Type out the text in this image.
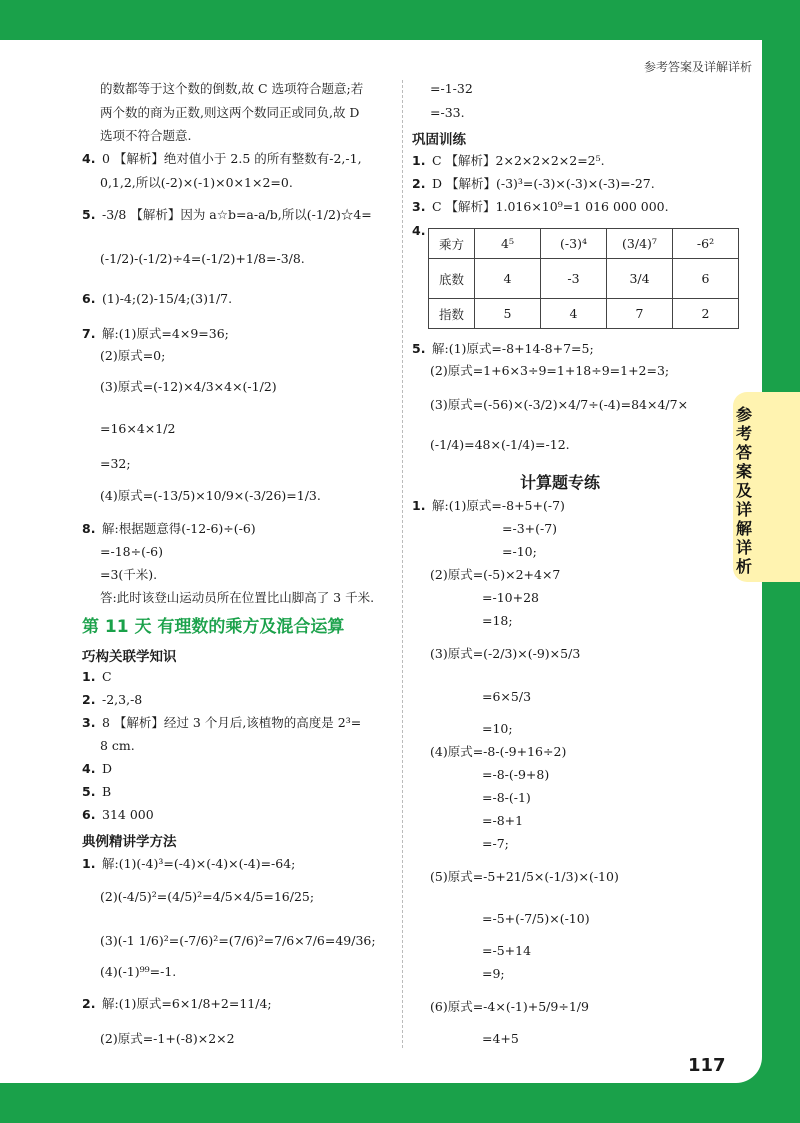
参考答案及详解详析
参考答案及详解详析
的数都等于这个数的倒数,故 C 选项符合题意;若
两个数的商为正数,则这两个数同正或同负,故 D
选项不符合题意.
4. 0 【解析】绝对值小于 2.5 的所有整数有-2,-1,
0,1,2,所以(-2)×(-1)×0×1×2=0.
5. -3/8 【解析】因为 a☆b=a-a/b,所以(-1/2)☆4=
(-1/2)-(-1/2)÷4=(-1/2)+1/8=-3/8.
6. (1)-4;(2)-15/4;(3)1/7.
7. 解:(1)原式=4×9=36;
(2)原式=0;
(3)原式=(-12)×4/3×4×(-1/2)
=16×4×1/2
=32;
(4)原式=(-13/5)×10/9×(-3/26)=1/3.
8. 解:根据题意得(-12-6)÷(-6)
=-18÷(-6)
=3(千米).
答:此时该登山运动员所在位置比山脚高了 3 千米.
第 11 天 有理数的乘方及混合运算
巧构关联学知识
1. C
2. -2,3,-8
3. 8 【解析】经过 3 个月后,该植物的高度是 2³=
8 cm.
4. D
5. B
6. 314 000
典例精讲学方法
1. 解:(1)(-4)³=(-4)×(-4)×(-4)=-64;
(2)(-4/5)²=(4/5)²=4/5×4/5=16/25;
(3)(-1 1/6)²=(-7/6)²=(7/6)²=7/6×7/6=49/36;
(4)(-1)⁹⁹=-1.
2. 解:(1)原式=6×1/8+2=11/4;
(2)原式=-1+(-8)×2×2
=-1-32
=-33.
巩固训练
1. C 【解析】2×2×2×2×2=2⁵.
2. D 【解析】(-3)³=(-3)×(-3)×(-3)=-27.
3. C 【解析】1.016×10⁹=1 016 000 000.
4.
乘方	4⁵	(-3)⁴	(3/4)⁷	-6²
底数	4	-3	3/4	6
指数	5	4	7	2
5. 解:(1)原式=-8+14-8+7=5;
(2)原式=1+6×3÷9=1+18÷9=1+2=3;
(3)原式=(-56)×(-3/2)×4/7÷(-4)=84×4/7×
(-1/4)=48×(-1/4)=-12.
计算题专练
1. 解:(1)原式=-8+5+(-7)
=-3+(-7)
=-10;
(2)原式=(-5)×2+4×7
=-10+28
=18;
(3)原式=(-2/3)×(-9)×5/3
=6×5/3
=10;
(4)原式=-8-(-9+16÷2)
=-8-(-9+8)
=-8-(-1)
=-8+1
=-7;
(5)原式=-5+21/5×(-1/3)×(-10)
=-5+(-7/5)×(-10)
=-5+14
=9;
(6)原式=-4×(-1)+5/9÷1/9
=4+5
117
